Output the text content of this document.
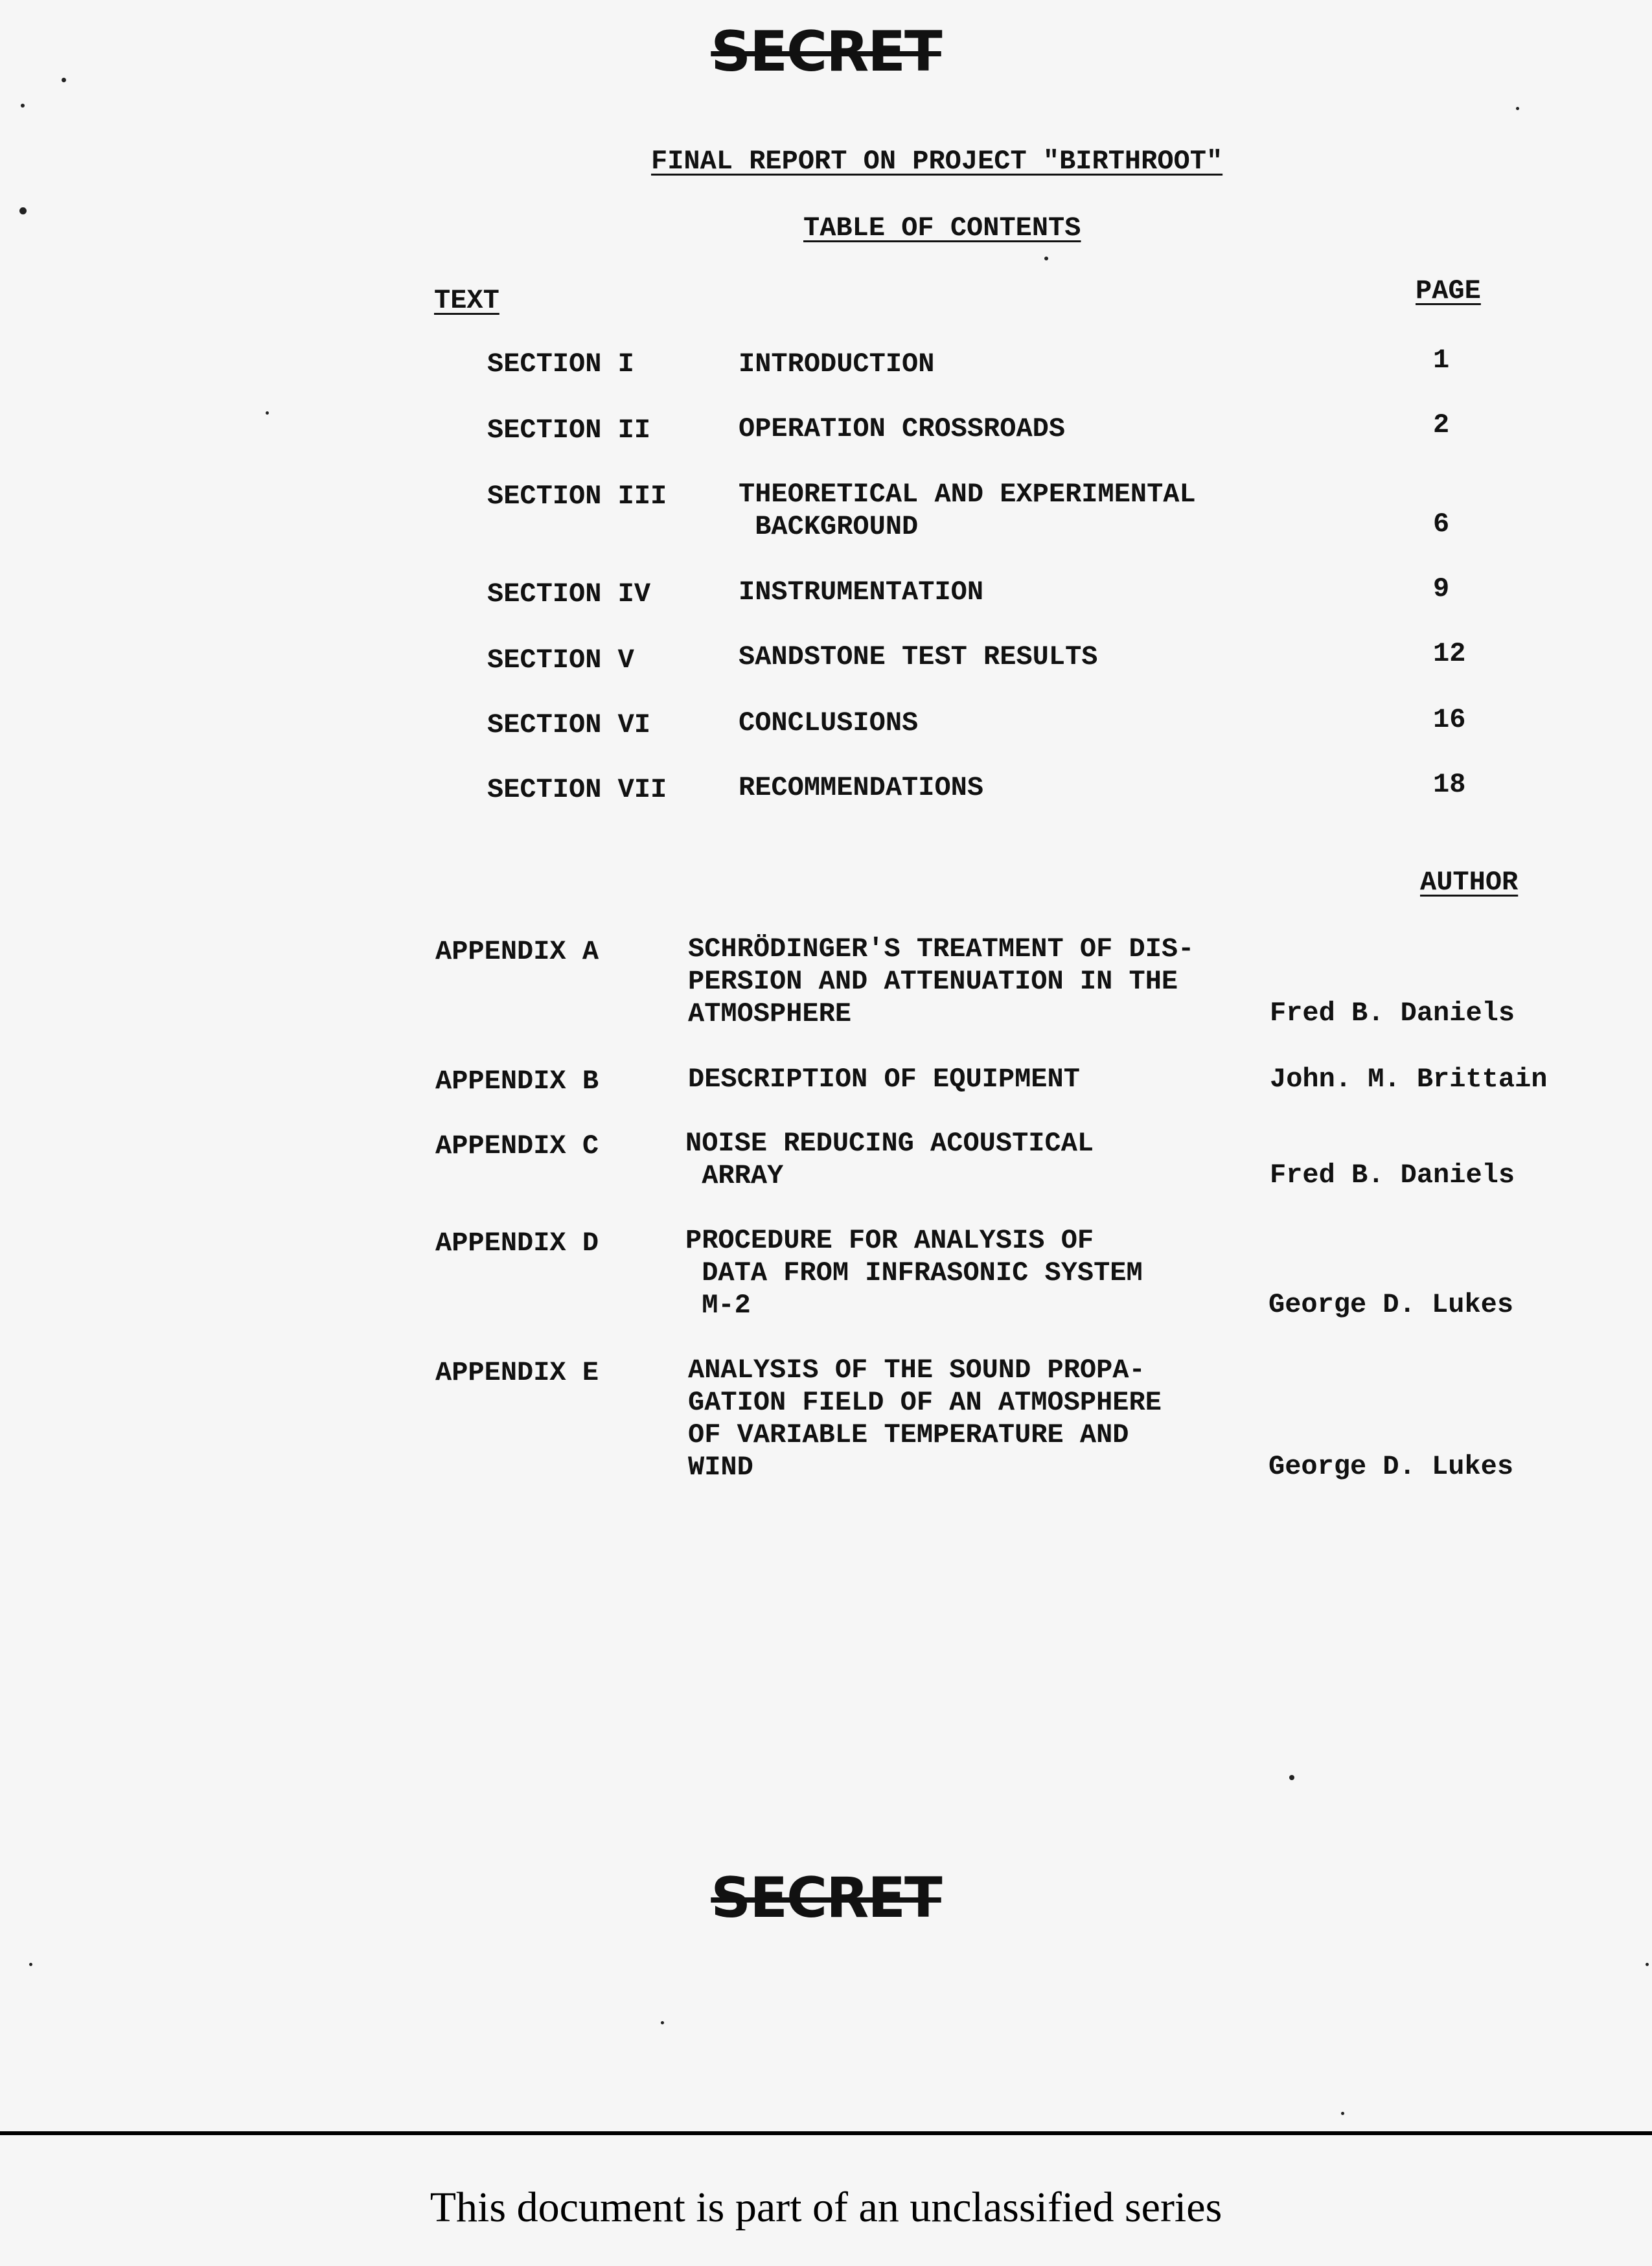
SECRET
FINAL REPORT ON PROJECT "BIRTHROOT"
TABLE OF CONTENTS
TEXT	PAGE
SECTION I	INTRODUCTION	1
SECTION II	OPERATION CROSSROADS	2
SECTION III	THEORETICAL AND EXPERIMENTAL
BACKGROUND	6
SECTION IV	INSTRUMENTATION	9
SECTION V	SANDSTONE TEST RESULTS	12
SECTION VI	CONCLUSIONS	16
SECTION VII	RECOMMENDATIONS	18
AUTHOR
APPENDIX A	SCHRÖDINGER'S TREATMENT OF DIS-
PERSION AND ATTENUATION IN THE
ATMOSPHERE	Fred B. Daniels
APPENDIX B	DESCRIPTION OF EQUIPMENT	John. M. Brittain
APPENDIX C	NOISE REDUCING ACOUSTICAL
ARRAY	Fred B. Daniels
APPENDIX D	PROCEDURE FOR ANALYSIS OF
DATA FROM INFRASONIC SYSTEM
M-2	George D. Lukes
APPENDIX E	ANALYSIS OF THE SOUND PROPA-
GATION FIELD OF AN ATMOSPHERE
OF VARIABLE TEMPERATURE AND
WIND	George D. Lukes
SECRET
This document is part of an unclassified series
